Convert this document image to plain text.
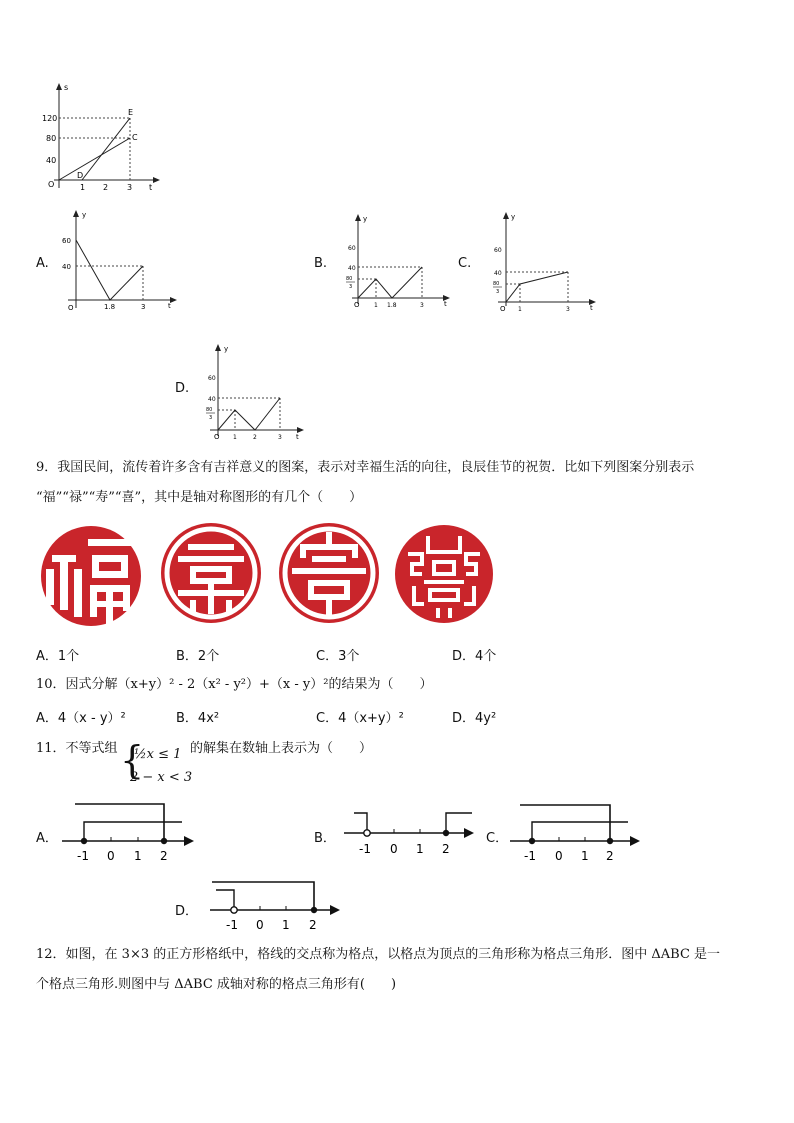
s
t
O
120
80
40
1 2 3
E
C
D
A.
y
t
O
60
40
1.8	3
B.
y
t
O
60
40
80
3
1 1.8	3
C.
y
t
O
60
40
80
3
1	3
D.
y
t
O
60
40
80
3
1	2	3
9．我国民间，流传着许多含有吉祥意义的图案，表示对幸福生活的向往，良辰佳节的祝贺．比如下列图案分别表示
“福”“禄”“寿”“喜”，其中是轴对称图形的有几个（　　）
A．1个	B．2个	C．3个	D．4个
10．因式分解（x+y）² - 2（x² - y²）+（x - y）²的结果为（　　）
A．4（x - y）²	B．4x²	C．4（x+y）²	D．4y²
11．不等式组 {
½x ≤ 1
2 − x < 3
的解集在数轴上表示为（　　）
A．
-1 0 1 2
B．
-1 0 1 2
C．
-1 0 1 2
D．
-1 0 1 2
12．如图，在 3×3 的正方形格纸中，格线的交点称为格点，以格点为顶点的三角形称为格点三角形．图中 ΔABC 是一
个格点三角形.则图中与 ΔABC 成轴对称的格点三角形有(　　)
